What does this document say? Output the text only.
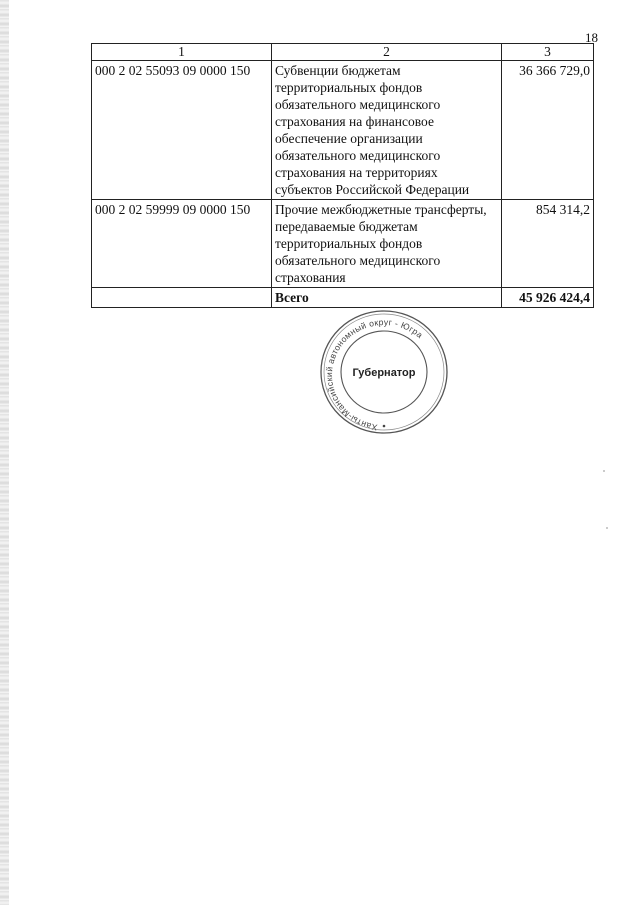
18
1	2	3
000 2 02 55093 09 0000 150	Субвенции бюджетам территориальных фондов обязательного медицинского страхования на финансовое обеспечение организации обязательного медицинского страхования на территориях субъектов Российской Федерации	36 366 729,0
000 2 02 59999 09 0000 150	Прочие межбюджетные трансферты, передаваемые бюджетам территориальных фондов обязательного медицинского страхования	854 314,2
	Всего	45 926 424,4
Ханты-Мансийский автономный округ - Югра
Губернатор
